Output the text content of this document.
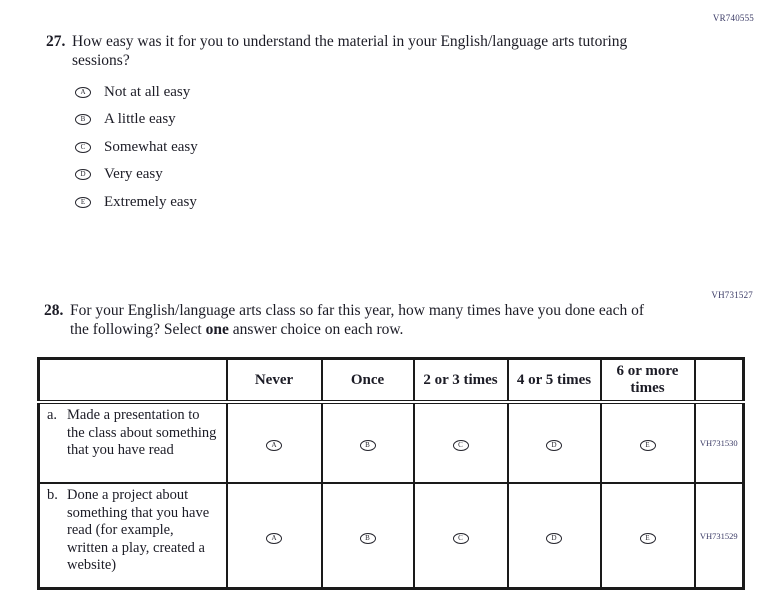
VR740555
27. How easy was it for you to understand the material in your English/language arts tutoring sessions?
A Not at all easy
B A little easy
C Somewhat easy
D Very easy
E Extremely easy
VH731527
28. For your English/language arts class so far this year, how many times have you done each of the following? Select one answer choice on each row.
	Never	Once	2 or 3 times	4 or 5 times	6 or more times	

a. Made a presentation to the class about something that you have read	A	B	C	D	E	VH731530

b. Done a project about something that you have read (for example, written a play, created a website)	A	B	C	D	E	VH731529
